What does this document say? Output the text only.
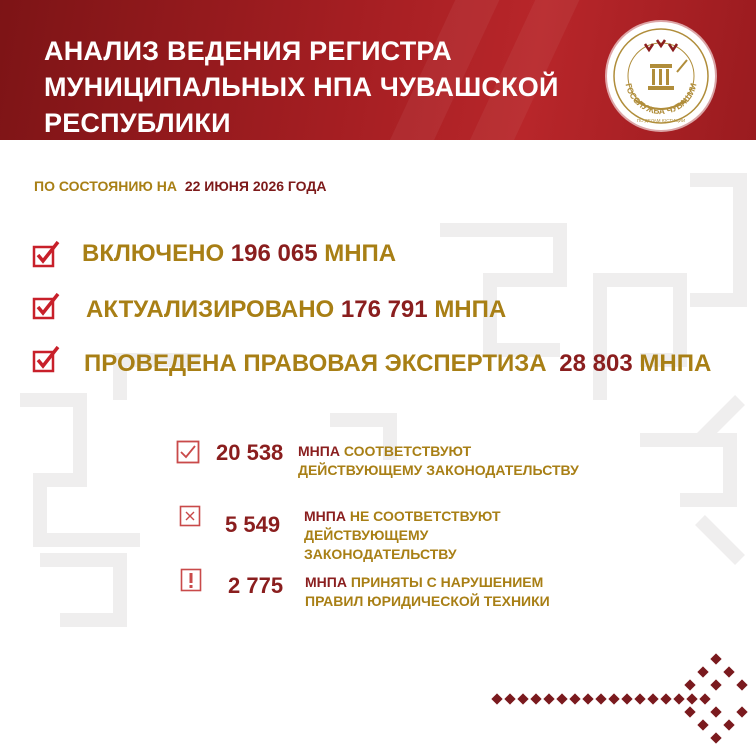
АНАЛИЗ ВЕДЕНИЯ РЕГИСТРА
МУНИЦИПАЛЬНЫХ НПА ЧУВАШСКОЙ
РЕСПУБЛИКИ
ГОССЛУЖБА ЧУВАШИИ
ПО ДЕЛАМ ЮСТИЦИИ
ПО СОСТОЯНИЮ НА 22 ИЮНЯ 2026 ГОДА
ВКЛЮЧЕНО 196 065 МНПА
АКТУАЛИЗИРОВАНО 176 791 МНПА
ПРОВЕДЕНА ПРАВОВАЯ ЭКСПЕРТИЗА 28 803 МНПА
20 538 МНПА СООТВЕТСТВУЮТ
ДЕЙСТВУЮЩЕМУ ЗАКОНОДАТЕЛЬСТВУ
5 549 МНПА НЕ СООТВЕТСТВУЮТ
ДЕЙСТВУЮЩЕМУ
ЗАКОНОДАТЕЛЬСТВУ
2 775 МНПА ПРИНЯТЫ С НАРУШЕНИЕМ
ПРАВИЛ ЮРИДИЧЕСКОЙ ТЕХНИКИ
